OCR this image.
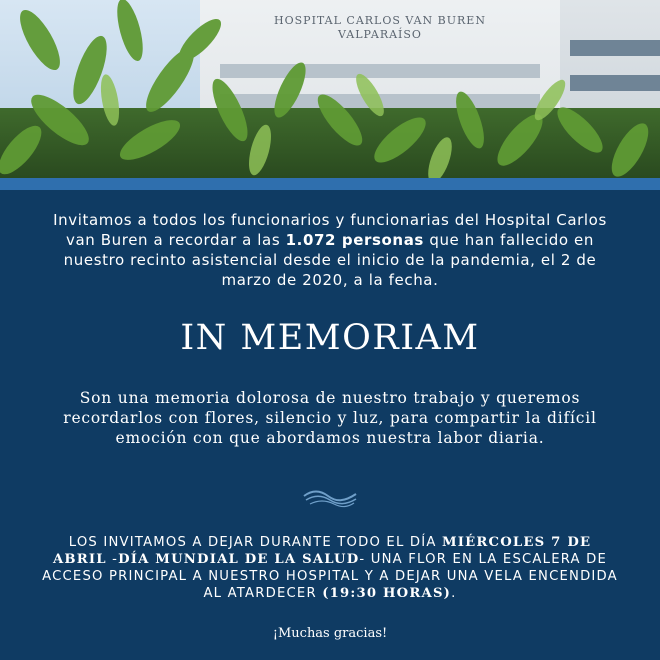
HOSPITAL CARLOS VAN BUREN
VALPARAÍSO

Invitamos a todos los funcionarios y funcionarias del Hospital Carlos van Buren a recordar a las 1.072 personas que han fallecido en nuestro recinto asistencial desde el inicio de la pandemia, el 2 de marzo de 2020, a la fecha.

IN MEMORIAM

Son una memoria dolorosa de nuestro trabajo y queremos recordarlos con flores, silencio y luz, para compartir la difícil emoción con que abordamos nuestra labor diaria.

LOS INVITAMOS A DEJAR DURANTE TODO EL DÍA MIÉRCOLES 7 DE ABRIL -DÍA MUNDIAL DE LA SALUD- UNA FLOR EN LA ESCALERA DE ACCESO PRINCIPAL A NUESTRO HOSPITAL Y A DEJAR UNA VELA ENCENDIDA AL ATARDECER (19:30 HORAS).

¡Muchas gracias!
